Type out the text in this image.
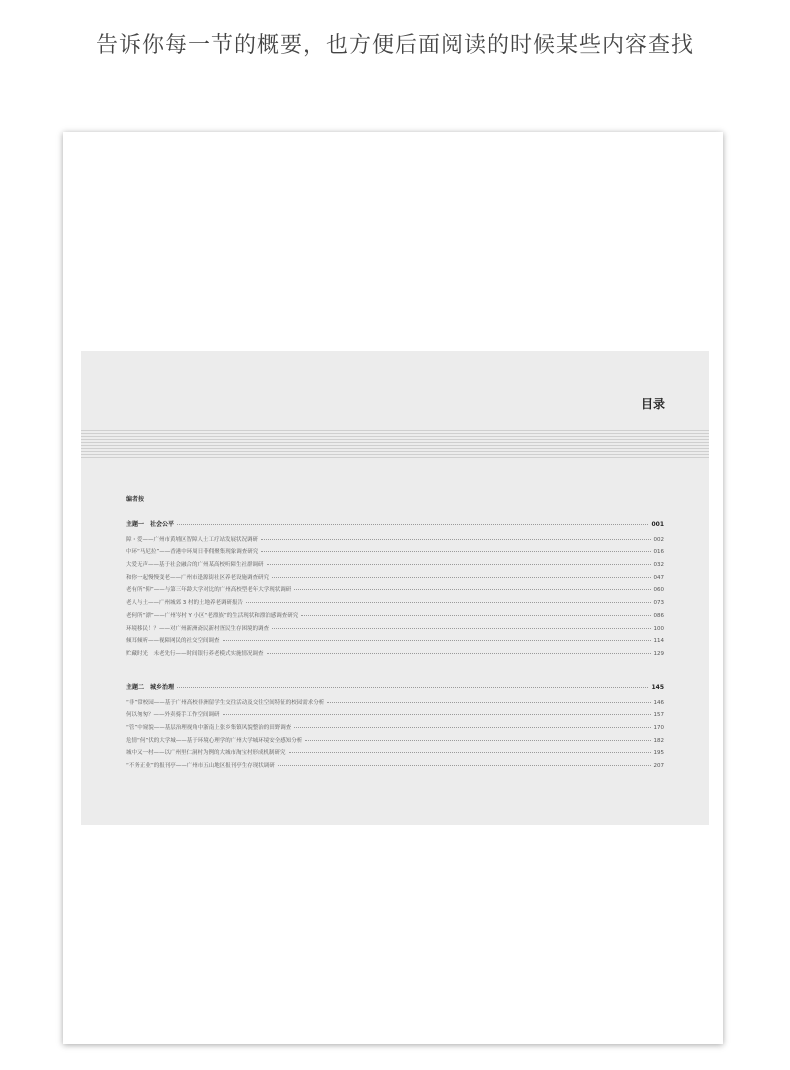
告诉你每一节的概要，也方便后面阅读的时候某些内容查找
目录
编者按
主题一　社会公平	001
障・爱——广州市黄埔区智障人士工疗站发展状况调研	002
中环“马尼拉”——香港中环周日菲佣聚集现象调查研究	016
大爱无声——基于社会融合的广州某高校听障生社群调研	032
和你一起慢慢变老——广州市逢源街社区养老设施调查研究	047
老有所“仰”——与第三年龄大学对比的广州高校型老年大学现状调研	060
老人与土——广州城郊 3 村的土地养老调研报告	073
老何所“漂”——广州岑村 Y 小区“老漂族”的生活现状和漂泊感调查研究	086
环境移民！？——对广州新洲斋民新村疍民生存困境的调查	100
倾耳倾听——视障网民的社交空间调查	114
贮藏时光　未老先行——时间银行养老模式实施情况调查	129
主题二　城乡治理	145
“非”常校园——基于广州高校非洲留学生交往活动及交往空间特征的校园需求分析	146
何以匆匆？——外卖骑手工作空间调研	157
“管”中窥貌——基层治理视角中浙南上张乡集镇风貌整治的田野调查	170
危情“何”伏的大学城——基于环境心理学的广州大学城环境安全感知分析	182
城中又一村——以广州里仁洞村为例的大城市淘宝村形成机制研究	195
“不务正业”的报刊亭——广州市五山地区报刊亭生存现状调研	207
